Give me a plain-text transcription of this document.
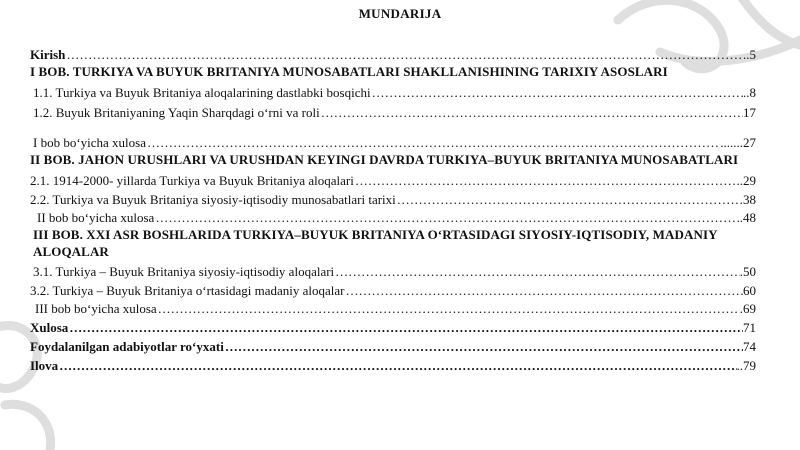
MUNDARIJA
Kirish ……………………………………………………………………………………………………………………………………………………………………………………………………………………………………	..5
I BOB. TURKIYA VA BUYUK BRITANIYA MUNOSABATLARI SHAKLLANISHINING TARIXIY ASOSLARI
1.1. Turkiya va Buyuk Britaniya aloqalarining dastlabki bosqichi ……………………………………………………………………………………………………………………………………………………………………………………………………………………………………	..8
1.2. Buyuk Britaniyaning Yaqin Sharqdagi o‘rni va roli ……………………………………………………………………………………………………………………………………………………………………………………………………………………………………	17
I bob bo‘yicha xulosa ……………………………………………………………………………………………………………………………………………………………………………………………………………………………………	.......27
II BOB. JAHON URUSHLARI VA URUSHDAN KEYINGI DAVRDA TURKIYA–BUYUK BRITANIYA MUNOSABATLARI
2.1. 1914-2000- yillarda Turkiya va Buyuk Britaniya aloqalari ……………………………………………………………………………………………………………………………………………………………………………………………………………………………………	..29
2.2. Turkiya va Buyuk Britaniya siyosiy-iqtisodiy munosabatlari tarixi ……………………………………………………………………………………………………………………………………………………………………………………………………………………………………	38
II bob bo‘yicha xulosa ……………………………………………………………………………………………………………………………………………………………………………………………………………………………………	.48
III BOB. XXI ASR BOSHLARIDA TURKIYA–BUYUK BRITANIYA O‘RTASIDAGI SIYOSIY-IQTISODIY, MADANIY ALOQALAR
3.1. Turkiya – Buyuk Britaniya siyosiy-iqtisodiy aloqalari ……………………………………………………………………………………………………………………………………………………………………………………………………………………………………	.50
3.2. Turkiya – Buyuk Britaniya o‘rtasidagi madaniy aloqalar ……………………………………………………………………………………………………………………………………………………………………………………………………………………………………	60
III bob bo‘yicha xulosa ……………………………………………………………………………………………………………………………………………………………………………………………………………………………………	.69
Xulosa ……………………………………………………………………………………………………………………………………………………………………………………………………………………………………	71
Foydalanilgan adabiyotlar ro‘yxati ……………………………………………………………………………………………………………………………………………………………………………………………………………………………………	74
Ilova ……………………………………………………………………………………………………………………………………………………………………………………………………………………………………	..79
